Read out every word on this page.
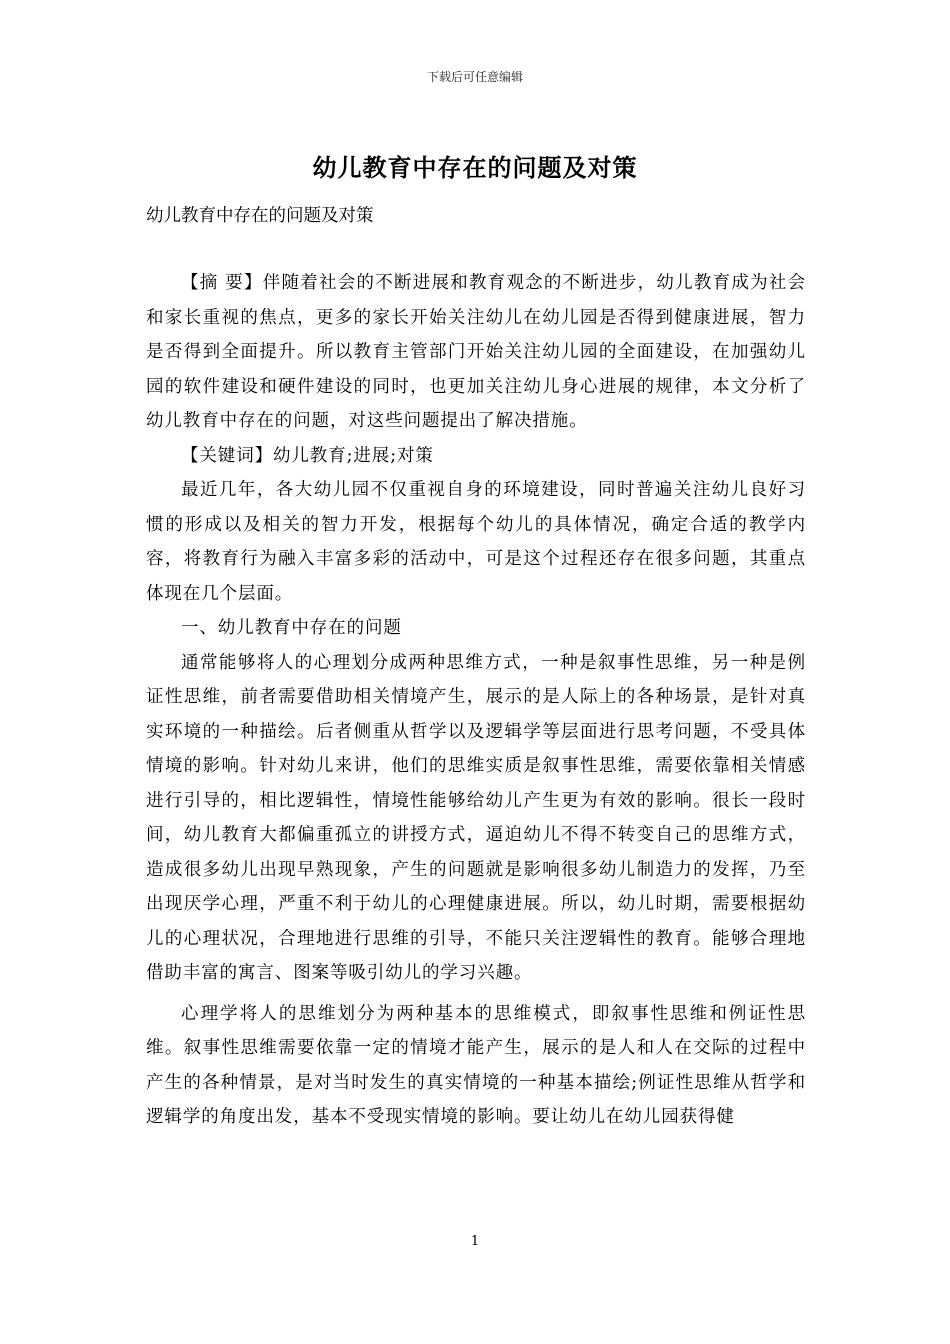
下载后可任意编辑
幼儿教育中存在的问题及对策
幼儿教育中存在的问题及对策

【摘 要】伴随着社会的不断进展和教育观念的不断进步，幼儿教育成为社会和家长重视的焦点，更多的家长开始关注幼儿在幼儿园是否得到健康进展，智力是否得到全面提升。所以教育主管部门开始关注幼儿园的全面建设，在加强幼儿园的软件建设和硬件建设的同时，也更加关注幼儿身心进展的规律，本文分析了幼儿教育中存在的问题，对这些问题提出了解决措施。

【关键词】幼儿教育;进展;对策

最近几年，各大幼儿园不仅重视自身的环境建设，同时普遍关注幼儿良好习惯的形成以及相关的智力开发，根据每个幼儿的具体情况，确定合适的教学内容，将教育行为融入丰富多彩的活动中，可是这个过程还存在很多问题，其重点体现在几个层面。

一、幼儿教育中存在的问题

通常能够将人的心理划分成两种思维方式，一种是叙事性思维，另一种是例证性思维，前者需要借助相关情境产生，展示的是人际上的各种场景，是针对真实环境的一种描绘。后者侧重从哲学以及逻辑学等层面进行思考问题，不受具体情境的影响。针对幼儿来讲，他们的思维实质是叙事性思维，需要依靠相关情感进行引导的，相比逻辑性，情境性能够给幼儿产生更为有效的影响。很长一段时间，幼儿教育大都偏重孤立的讲授方式，逼迫幼儿不得不转变自己的思维方式，造成很多幼儿出现早熟现象，产生的问题就是影响很多幼儿制造力的发挥，乃至出现厌学心理，严重不利于幼儿的心理健康进展。所以，幼儿时期，需要根据幼儿的心理状况，合理地进行思维的引导，不能只关注逻辑性的教育。能够合理地借助丰富的寓言、图案等吸引幼儿的学习兴趣。

心理学将人的思维划分为两种基本的思维模式，即叙事性思维和例证性思维。叙事性思维需要依靠一定的情境才能产生，展示的是人和人在交际的过程中产生的各种情景，是对当时发生的真实情境的一种基本描绘;例证性思维从哲学和逻辑学的角度出发，基本不受现实情境的影响。要让幼儿在幼儿园获得健

1
